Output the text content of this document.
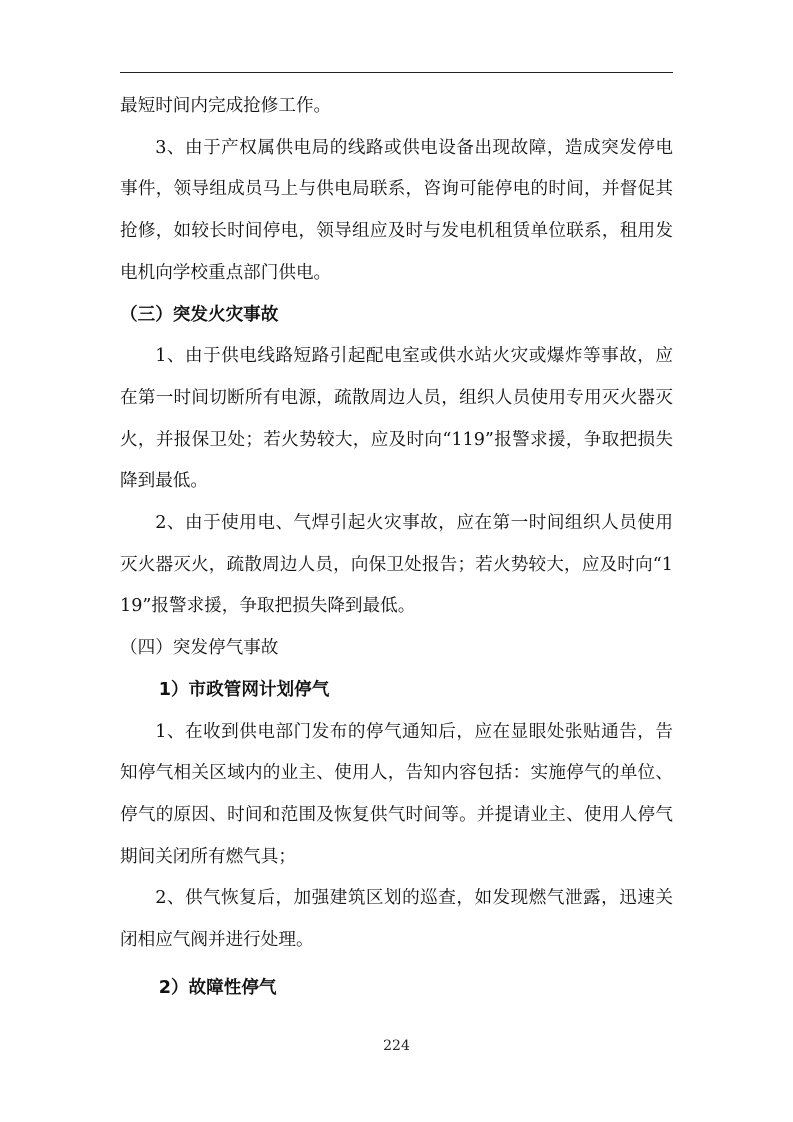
最短时间内完成抢修工作。

3、由于产权属供电局的线路或供电设备出现故障，造成突发停电事件，领导组成员马上与供电局联系，咨询可能停电的时间，并督促其抢修，如较长时间停电，领导组应及时与发电机租赁单位联系，租用发电机向学校重点部门供电。

（三）突发火灾事故

1、由于供电线路短路引起配电室或供水站火灾或爆炸等事故，应在第一时间切断所有电源，疏散周边人员，组织人员使用专用灭火器灭火，并报保卫处；若火势较大，应及时向“119”报警求援，争取把损失降到最低。

2、由于使用电、气焊引起火灾事故，应在第一时间组织人员使用灭火器灭火，疏散周边人员，向保卫处报告；若火势较大，应及时向“119”报警求援，争取把损失降到最低。

（四）突发停气事故

1）市政管网计划停气

1、在收到供电部门发布的停气通知后，应在显眼处张贴通告，告知停气相关区域内的业主、使用人，告知内容包括：实施停气的单位、停气的原因、时间和范围及恢复供气时间等。并提请业主、使用人停气期间关闭所有燃气具；

2、供气恢复后，加强建筑区划的巡查，如发现燃气泄露，迅速关闭相应气阀并进行处理。

2）故障性停气

224
